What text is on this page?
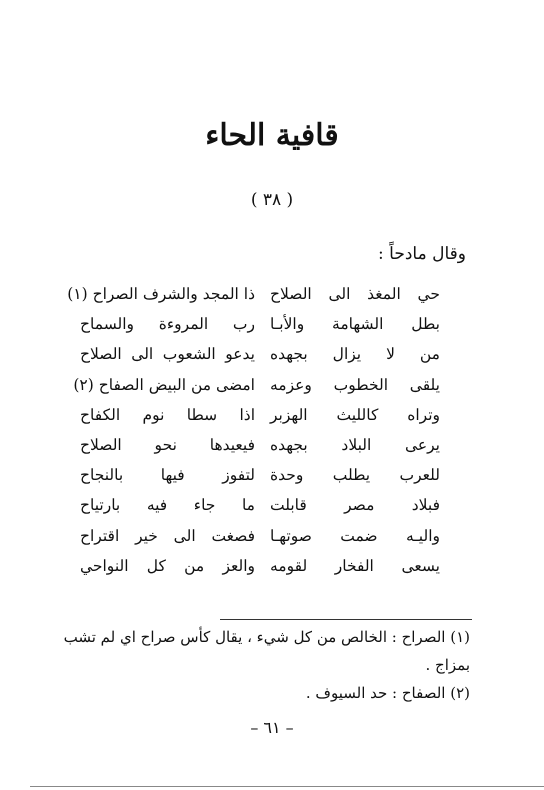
قافية الحاء
( ٣٨ )
وقال مادحاً :
حي المغذ الى الصلاح
ذا المجد والشرف الصراح (١)
بطل الشهامة والأبـا
رب المروءة والسماح
من لا يزال بجهده
يدعو الشعوب الى الصلاح
يلقى الخطوب وعزمه
امضى من البيض الصفاح (٢)
وتراه كالليث الهزبر
اذا سطا نوم الكفاح
يرعى البلاد بجهده
فيعيدها نحو الصلاح
للعرب يطلب وحدة
لتفوز فيها بالنجاح
فبلاد مصر قابلت
ما جاء فيه بارتياح
واليـه ضمت صوتهـا
فصغت الى خير اقتراح
يسعى الفخار لقومه
والعز من كل النواحي
(١) الصراح : الخالص من كل شيء ، يقال كأس صراح اي لم تشب
بمزاج .
(٢) الصفاح : حد السيوف .
– ٦١ –
